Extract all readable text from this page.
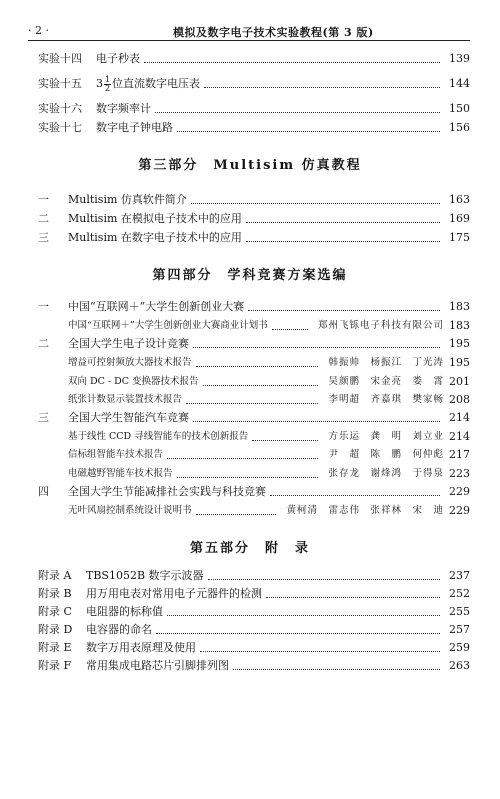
· 2 ·	模拟及数字电子技术实验教程(第 3 版)
实验十四	电子秒表	139
实验十五	$3 \frac{1}{2}$ 位直流数字电压表	144
实验十六	数字频率计	150
实验十七	数字电子钟电路	156
第三部分　Multisim 仿真教程
一	Multisim 仿真软件简介	163
二	Multisim 在模拟电子技术中的应用	169
三	Multisim 在数字电子技术中的应用	175
第四部分　学科竞赛方案选编
一	中国“互联网＋”大学生创新创业大赛	183
中国“互联网＋”大学生创新创业大赛商业计划书	郑州飞铄电子科技有限公司 183
二	全国大学生电子设计竞赛	195
增益可控射频放大器技术报告	韩振帅　杨振江　丁光涛 195
双向 DC - DC 变换器技术报告	吴颜鹏　宋金亮　娄　霄 201
纸张计数显示装置技术报告	李明超　齐嘉琪　樊家畅 208
三	全国大学生智能汽车竞赛	214
基于线性 CCD 寻线智能车的技术创新报告	方乐运　龚　明　刘立业 214
信标组智能车技术报告	尹　超　陈　鹏　何仲彪 217
电磁越野智能车技术报告	张存龙　谢烽鸿　于得泉 223
四	全国大学生节能减排社会实践与科技竞赛	229
无叶风扇控制系统设计说明书	黄柯清　雷志伟　张祥林　宋　迪 229
第五部分　附　录
附录 A	TBS1052B 数字示波器	237
附录 B	用万用电表对常用电子元器件的检测	252
附录 C	电阻器的标称值	255
附录 D	电容器的命名	257
附录 E	数字万用表原理及使用	259
附录 F	常用集成电路芯片引脚排列图	263
